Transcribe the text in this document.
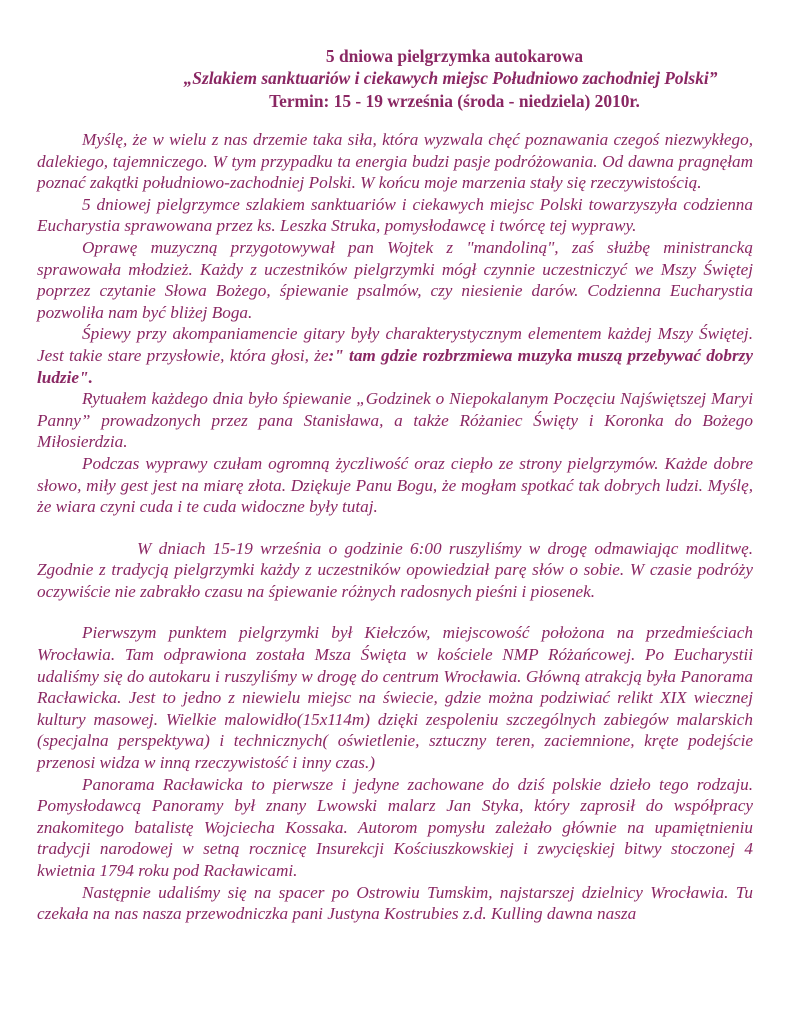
5 dniowa pielgrzymka autokarowa
„Szlakiem sanktuariów i ciekawych miejsc Południowo zachodniej Polski”
Termin: 15 - 19 września (środa - niedziela) 2010r.

Myślę, że w wielu z nas drzemie taka siła, która wyzwala chęć poznawania czegoś niezwykłego, dalekiego, tajemniczego. W tym przypadku ta energia budzi pasje podróżowania. Od dawna pragnęłam poznać zakątki południowo-zachodniej Polski. W końcu moje marzenia stały się rzeczywistością.

5 dniowej pielgrzymce szlakiem sanktuariów i ciekawych miejsc Polski towarzyszyła codzienna Eucharystia sprawowana przez ks. Leszka Struka, pomysłodawcę i twórcę tej wyprawy.

Oprawę muzyczną przygotowywał pan Wojtek z "mandoliną", zaś służbę ministrancką sprawowała młodzież. Każdy z uczestników pielgrzymki mógł czynnie uczestniczyć we Mszy Świętej poprzez czytanie Słowa Bożego, śpiewanie psalmów, czy niesienie darów. Codzienna Eucharystia pozwoliła nam być bliżej Boga.

Śpiewy przy akompaniamencie gitary były charakterystycznym elementem każdej Mszy Świętej. Jest takie stare przysłowie, która głosi, że:" tam gdzie rozbrzmiewa muzyka muszą przebywać dobrzy ludzie".

Rytuałem każdego dnia było śpiewanie „Godzinek o Niepokalanym Poczęciu Najświętszej Maryi Panny” prowadzonych przez pana Stanisława, a także Różaniec Święty i Koronka do Bożego Miłosierdzia.

Podczas wyprawy czułam ogromną życzliwość oraz ciepło ze strony pielgrzymów. Każde dobre słowo, miły gest jest na miarę złota. Dziękuje Panu Bogu, że mogłam spotkać tak dobrych ludzi. Myślę, że wiara czyni cuda i te cuda widoczne były tutaj.

W dniach 15-19 września o godzinie 6:00 ruszyliśmy w drogę odmawiając modlitwę. Zgodnie z tradycją pielgrzymki każdy z uczestników opowiedział parę słów o sobie. W czasie podróży oczywiście nie zabrakło czasu na śpiewanie różnych radosnych pieśni i piosenek.

Pierwszym punktem pielgrzymki był Kiełczów, miejscowość położona na przedmieściach Wrocławia. Tam odprawiona została Msza Święta w kościele NMP Różańcowej. Po Eucharystii udaliśmy się do autokaru i ruszyliśmy w drogę do centrum Wrocławia. Główną atrakcją była Panorama Racławicka. Jest to jedno z niewielu miejsc na świecie, gdzie można podziwiać relikt XIX wiecznej kultury masowej. Wielkie malowidło(15x114m) dzięki zespoleniu szczególnych zabiegów malarskich (specjalna perspektywa) i technicznych( oświetlenie, sztuczny teren, zaciemnione, kręte podejście przenosi widza w inną rzeczywistość i inny czas.)

Panorama Racławicka to pierwsze i jedyne zachowane do dziś polskie dzieło tego rodzaju. Pomysłodawcą Panoramy był znany Lwowski malarz Jan Styka, który zaprosił do współpracy znakomitego batalistę Wojciecha Kossaka. Autorom pomysłu zależało głównie na upamiętnieniu tradycji narodowej w setną rocznicę Insurekcji Kościuszkowskiej i zwycięskiej bitwy stoczonej 4 kwietnia 1794 roku pod Racławicami.

Następnie udaliśmy się na spacer po Ostrowiu Tumskim, najstarszej dzielnicy Wrocławia. Tu czekała na nas nasza przewodniczka pani Justyna Kostrubies z.d. Kulling dawna nasza
